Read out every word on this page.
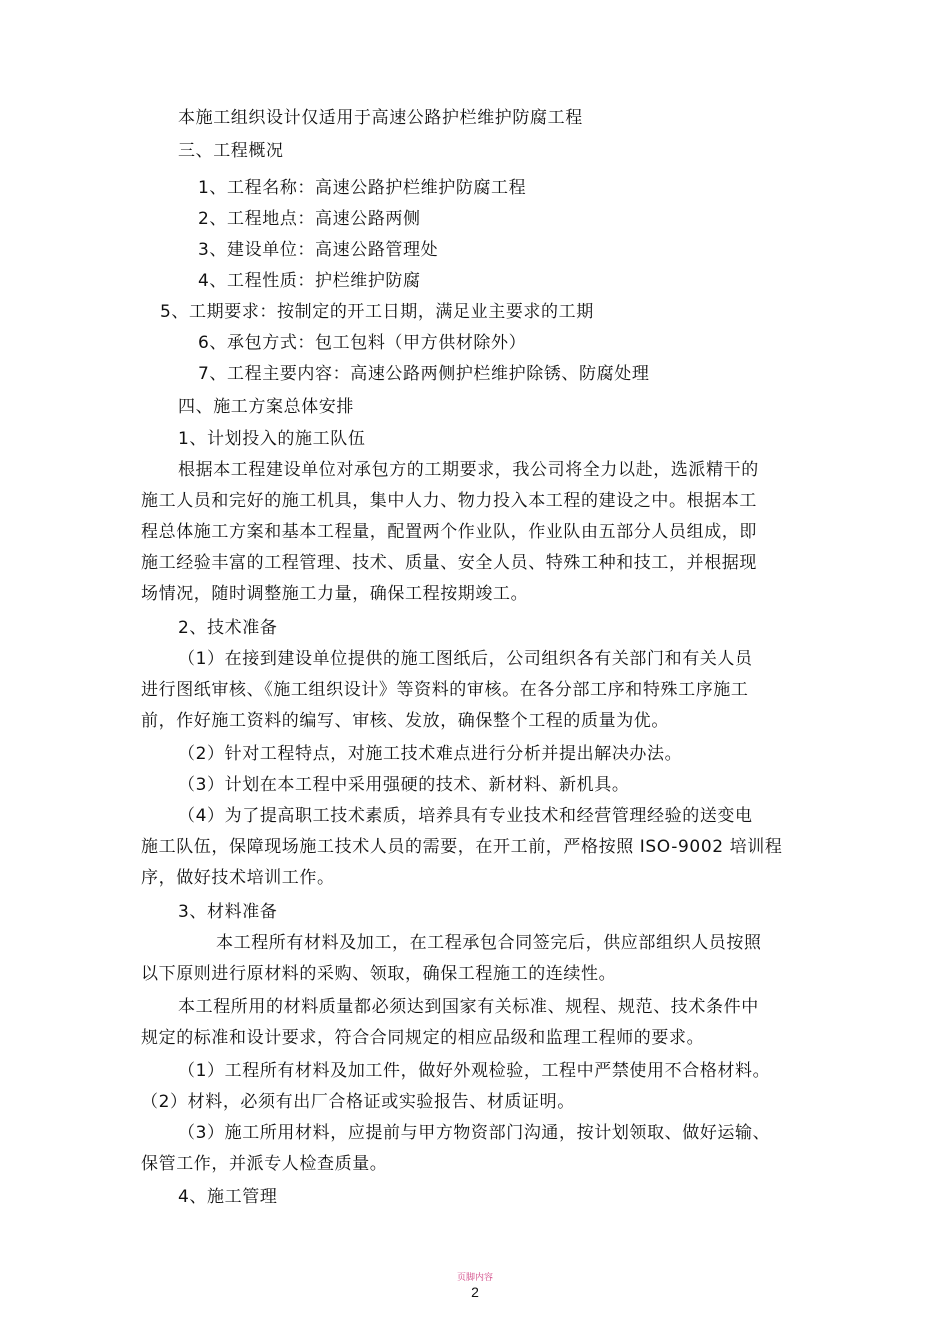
本施工组织设计仅适用于高速公路护栏维护防腐工程
三、工程概况
1、工程名称：高速公路护栏维护防腐工程
2、工程地点：高速公路两侧
3、建设单位：高速公路管理处
4、工程性质：护栏维护防腐
5、工期要求：按制定的开工日期，满足业主要求的工期
6、承包方式：包工包料（甲方供材除外）
7、工程主要内容：高速公路两侧护栏维护除锈、防腐处理
四、施工方案总体安排
1、计划投入的施工队伍
根据本工程建设单位对承包方的工期要求，我公司将全力以赴，选派精干的
施工人员和完好的施工机具，集中人力、物力投入本工程的建设之中。根据本工
程总体施工方案和基本工程量，配置两个作业队，作业队由五部分人员组成，即
施工经验丰富的工程管理、技术、质量、安全人员、特殊工种和技工，并根据现
场情况，随时调整施工力量，确保工程按期竣工。
2、技术准备
（1）在接到建设单位提供的施工图纸后，公司组织各有关部门和有关人员
进行图纸审核、《施工组织设计》等资料的审核。在各分部工序和特殊工序施工
前，作好施工资料的编写、审核、发放，确保整个工程的质量为优。
（2）针对工程特点，对施工技术难点进行分析并提出解决办法。
（3）计划在本工程中采用强硬的技术、新材料、新机具。
（4）为了提高职工技术素质，培养具有专业技术和经营管理经验的送变电
施工队伍，保障现场施工技术人员的需要，在开工前，严格按照 ISO-9002 培训程
序，做好技术培训工作。
3、材料准备
本工程所有材料及加工，在工程承包合同签完后，供应部组织人员按照
以下原则进行原材料的采购、领取，确保工程施工的连续性。
本工程所用的材料质量都必须达到国家有关标准、规程、规范、技术条件中
规定的标准和设计要求，符合合同规定的相应品级和监理工程师的要求。
（1）工程所有材料及加工件，做好外观检验，工程中严禁使用不合格材料。
（2）材料，必须有出厂合格证或实验报告、材质证明。
（3）施工所用材料，应提前与甲方物资部门沟通，按计划领取、做好运输、
保管工作，并派专人检查质量。
4、施工管理
页脚内容
2
